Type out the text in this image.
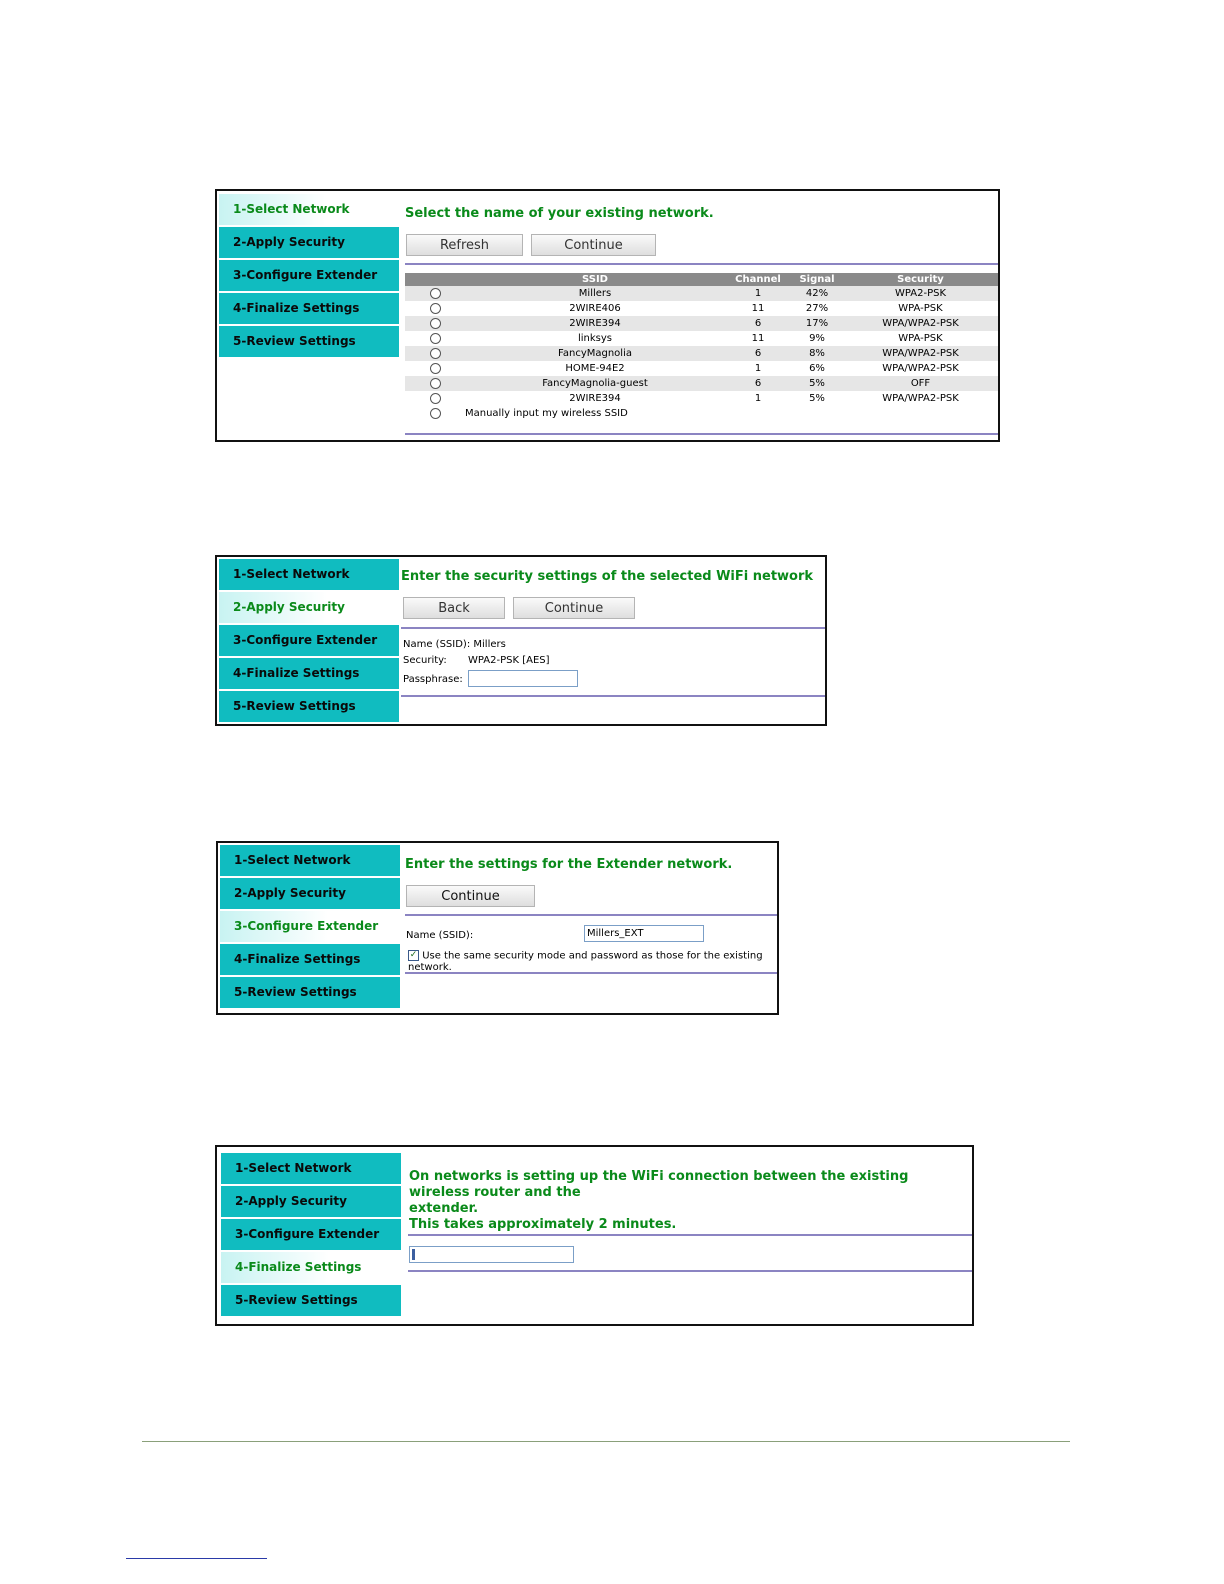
1-Select Network
2-Apply Security
3-Configure Extender
4-Finalize Settings
5-Review Settings
Select the name of your existing network.
Refresh	Continue
	SSID	Channel	Signal	Security
	Millers	1	42%	WPA2-PSK
	2WIRE406	11	27%	WPA-PSK
	2WIRE394	6	17%	WPA/WPA2-PSK
	linksys	11	9%	WPA-PSK
	FancyMagnolia	6	8%	WPA/WPA2-PSK
	HOME-94E2	1	6%	WPA/WPA2-PSK
	FancyMagnolia-guest	6	5%	OFF
	2WIRE394	1	5%	WPA/WPA2-PSK
	Manually input my wireless SSID			
1-Select Network
2-Apply Security
3-Configure Extender
4-Finalize Settings
5-Review Settings
Enter the security settings of the selected WiFi network
Back	Continue
Name (SSID): Millers
Security: WPA2-PSK [AES]
Passphrase:
1-Select Network
2-Apply Security
3-Configure Extender
4-Finalize Settings
5-Review Settings
Enter the settings for the Extender network.
Continue
Name (SSID):	Millers_EXT
✓ Use the same security mode and password as those for the existing network.
1-Select Network
2-Apply Security
3-Configure Extender
4-Finalize Settings
5-Review Settings
On networks is setting up the WiFi connection between the existing wireless router and the
extender.
This takes approximately 2 minutes.
